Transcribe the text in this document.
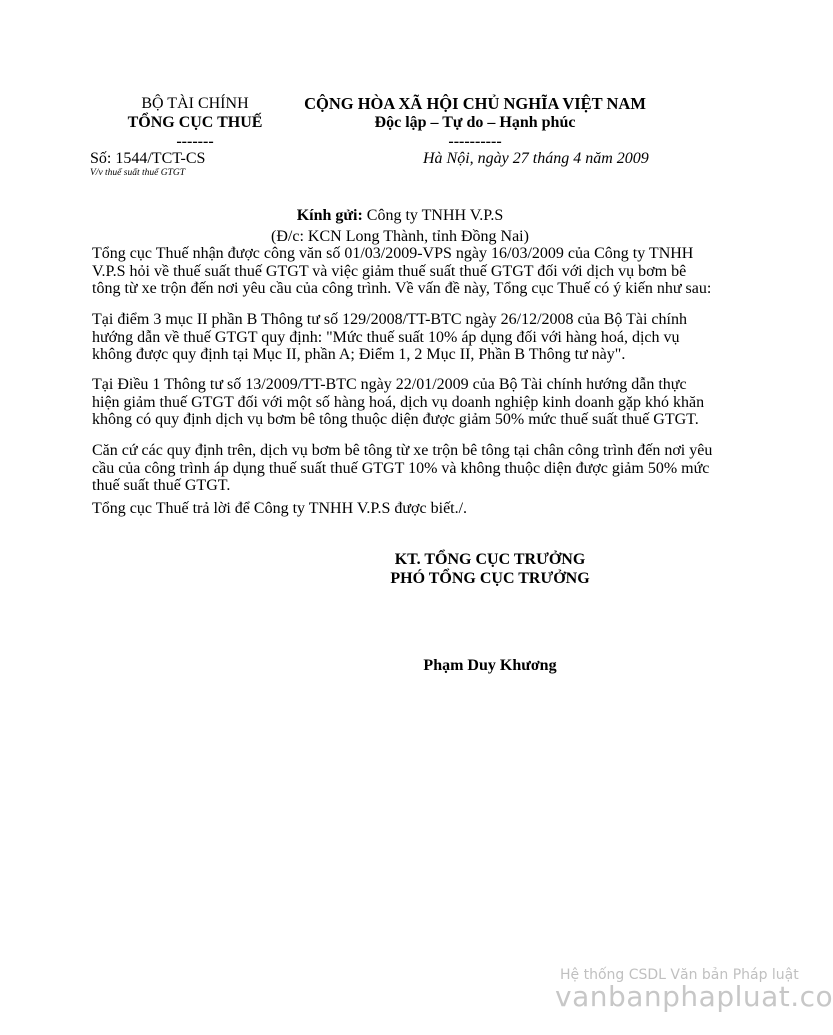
BỘ TÀI CHÍNH
TỔNG CỤC THUẾ
-------
CỘNG HÒA XÃ HỘI CHỦ NGHĨA VIỆT NAM
Độc lập – Tự do – Hạnh phúc
----------
Số: 1544/TCT-CS
V/v thuế suất thuế GTGT
Hà Nội, ngày 27 tháng 4 năm 2009
Kính gửi: Công ty TNHH V.P.S
(Đ/c: KCN Long Thành, tỉnh Đồng Nai)

Tổng cục Thuế nhận được công văn số 01/03/2009-VPS ngày 16/03/2009 của Công ty TNHH V.P.S hỏi về thuế suất thuế GTGT và việc giảm thuế suất thuế GTGT đối với dịch vụ bơm bê tông từ xe trộn đến nơi yêu cầu của công trình. Về vấn đề này, Tổng cục Thuế có ý kiến như sau:

Tại điểm 3 mục II phần B Thông tư số 129/2008/TT-BTC ngày 26/12/2008 của Bộ Tài chính hướng dẫn về thuế GTGT quy định: "Mức thuế suất 10% áp dụng đối với hàng hoá, dịch vụ không được quy định tại Mục II, phần A; Điểm 1, 2 Mục II, Phần B Thông tư này".

Tại Điều 1 Thông tư số 13/2009/TT-BTC ngày 22/01/2009 của Bộ Tài chính hướng dẫn thực hiện giảm thuế GTGT đối với một số hàng hoá, dịch vụ doanh nghiệp kinh doanh gặp khó khăn không có quy định dịch vụ bơm bê tông thuộc diện được giảm 50% mức thuế suất thuế GTGT.

Căn cứ các quy định trên, dịch vụ bơm bê tông từ xe trộn bê tông tại chân công trình đến nơi yêu cầu của công trình áp dụng thuế suất thuế GTGT 10% và không thuộc diện được giảm 50% mức thuế suất thuế GTGT.

Tổng cục Thuế trả lời để Công ty TNHH V.P.S được biết./.

KT. TỔNG CỤC TRƯỞNG
PHÓ TỔNG CỤC TRƯỞNG
Phạm Duy Khương
Hệ thống CSDL Văn bản Pháp luật
vanbanphapluat.co
